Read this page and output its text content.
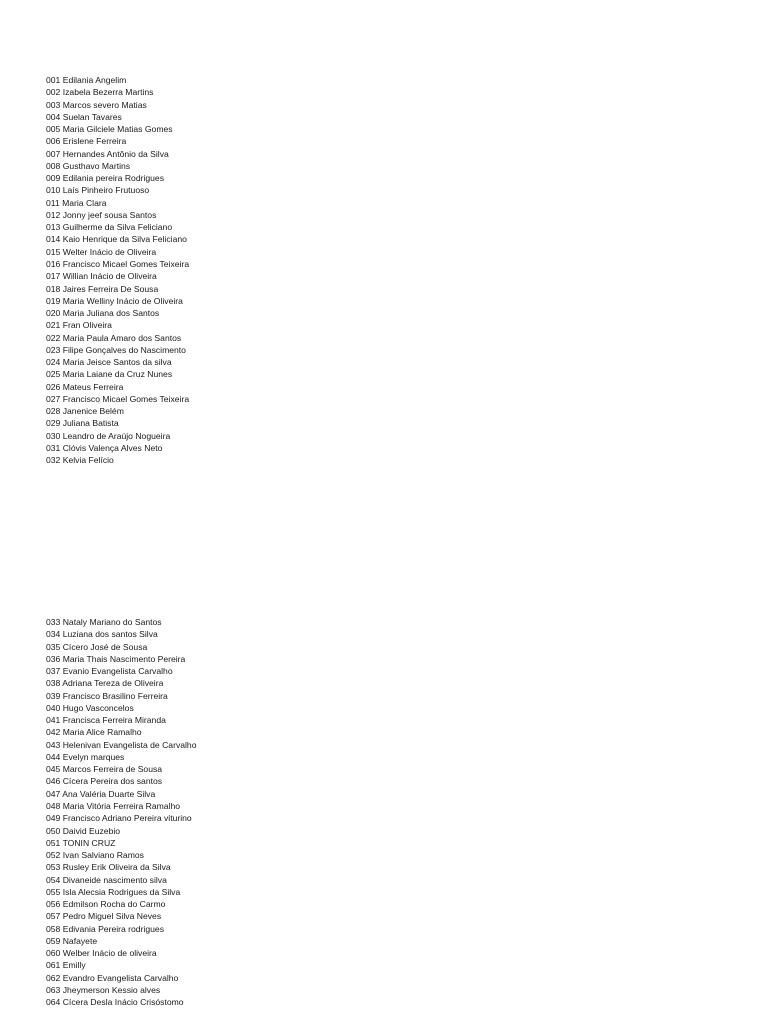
001 Edilania Angelim
002 Izabela Bezerra Martins
003 Marcos severo Matias
004 Suelan Tavares
005 Maria Gilciele Matias Gomes
006 Erislene Ferreira
007 Hernandes Antônio da Silva
008 Gusthavo Martins
009 Edilania pereira Rodrigues
010 Laís Pinheiro Frutuoso
011 Maria Clara
012 Jonny jeef sousa Santos
013 Guilherme da Silva Feliciano
014 Kaio Henrique da Silva Feliciano
015 Welter Inácio de Oliveira
016 Francisco Micael Gomes Teixeira
017 Willian Inácio de Oliveira
018 Jaires Ferreira De Sousa
019 Maria Welliny Inácio de Oliveira
020 Maria Juliana dos Santos
021 Fran Oliveira
022 Maria Paula Amaro dos Santos
023 Filipe Gonçalves do Nascimento
024 Maria Jeisce Santos da silva
025 Maria Laiane da Cruz Nunes
026 Mateus Ferreira
027 Francisco Micael Gomes Teixeira
028 Janenice Belém
029 Juliana Batista
030 Leandro de Araújo Nogueira
031 Clóvis Valença Alves Neto
032 Kelvia Felício
033 Nataly Mariano do Santos
034 Luziana dos santos Silva
035 Cícero José de Sousa
036 Maria Thais Nascimento Pereira
037 Evanio Evangelista Carvalho
038 Adriana Tereza de Oliveira
039 Francisco Brasilino Ferreira
040 Hugo Vasconcelos
041 Francisca Ferreira Miranda
042 Maria Alice Ramalho
043 Helenivan Evangelista de Carvalho
044 Evelyn marques
045 Marcos Ferreira de Sousa
046 Cícera Pereira dos santos
047 Ana Valéria Duarte Silva
048 Maria Vitória Ferreira Ramalho
049 Francisco Adriano Pereira viturino
050 Daivid Euzebio
051 TONIN CRUZ
052 Ivan Salviano Ramos
053 Rusley Erik Oliveira da Silva
054 Divaneide nascimento silva
055 Isla Alecsia Rodrigues da Silva
056 Edmilson Rocha do Carmo
057 Pedro Miguel Silva Neves
058 Edivania Pereira rodrigues
059 Nafayete
060 Welber Inácio de oliveira
061 Emilly
062 Evandro Evangelista Carvalho
063 Jheymerson Kessio alves
064 Cícera Desla Inácio Crisóstomo
